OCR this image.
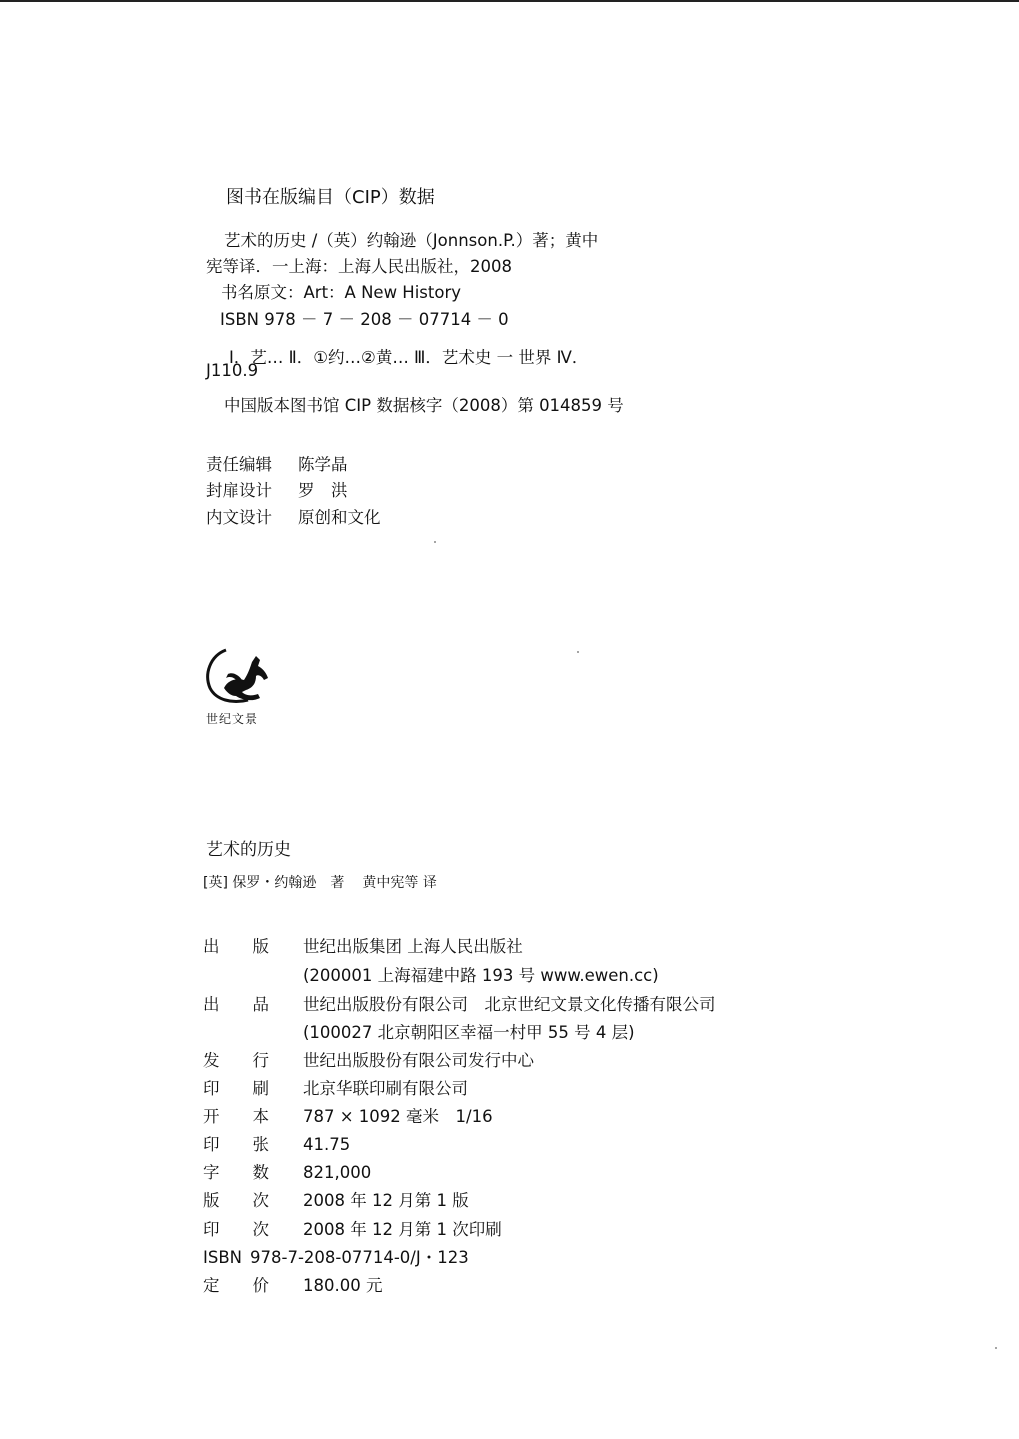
图书在版编目（CIP）数据
艺术的历史 /（英）约翰逊（Jonnson.P.）著；黄中
宪等译．一上海：上海人民出版社，2008
书名原文：Art：A New History
ISBN 978 － 7 － 208 － 07714 － 0
Ⅰ．艺… Ⅱ．①约…②黄… Ⅲ．艺术史 一 世界 Ⅳ．
J110.9
中国版本图书馆 CIP 数据核字（2008）第 014859 号
责任编辑 陈学晶
封扉设计 罗　洪
内文设计 原创和文化
世纪文景
艺术的历史
[英] 保罗・约翰逊　著 黄中宪等 译
出　　版 世纪出版集团 上海人民出版社
(200001 上海福建中路 193 号 www.ewen.cc)
出　　品 世纪出版股份有限公司　北京世纪文景文化传播有限公司
(100027 北京朝阳区幸福一村甲 55 号 4 层)
发　　行 世纪出版股份有限公司发行中心
印　　刷 北京华联印刷有限公司
开　　本 787 × 1092 毫米　1/16
印　　张 41.75
字　　数 821,000
版　　次 2008 年 12 月第 1 版
印　　次 2008 年 12 月第 1 次印刷
ISBN 978-7-208-07714-0/J・123
定　　价 180.00 元
